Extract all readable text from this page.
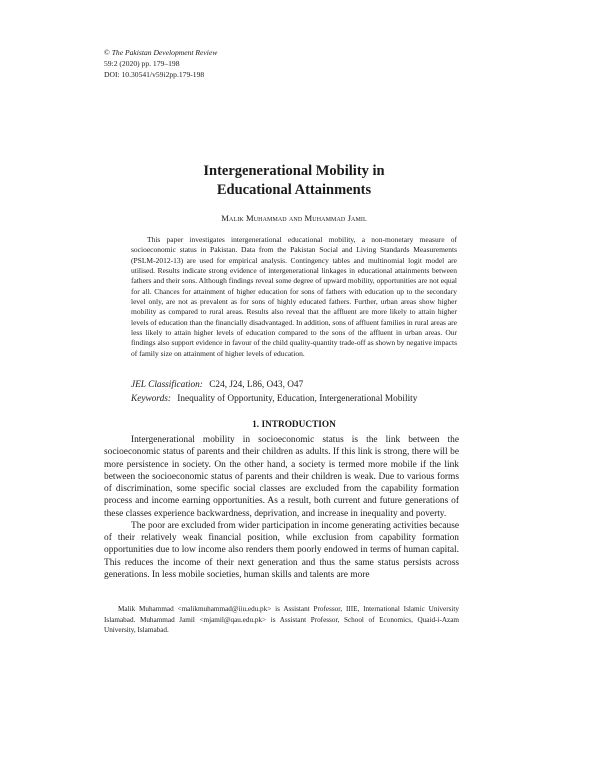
© The Pakistan Development Review
59:2 (2020) pp. 179–198
DOI: 10.30541/v59i2pp.179-198
Intergenerational Mobility in
Educational Attainments
Malik Muhammad and Muhammad Jamil
This paper investigates intergenerational educational mobility, a non-monetary measure of socioeconomic status in Pakistan. Data from the Pakistan Social and Living Standards Measurements (PSLM-2012-13) are used for empirical analysis. Contingency tables and multinomial logit model are utilised. Results indicate strong evidence of intergenerational linkages in educational attainments between fathers and their sons. Although findings reveal some degree of upward mobility, opportunities are not equal for all. Chances for attainment of higher education for sons of fathers with education up to the secondary level only, are not as prevalent as for sons of highly educated fathers. Further, urban areas show higher mobility as compared to rural areas. Results also reveal that the affluent are more likely to attain higher levels of education than the financially disadvantaged. In addition, sons of affluent families in rural areas are less likely to attain higher levels of education compared to the sons of the affluent in urban areas. Our findings also support evidence in favour of the child quality-quantity trade-off as shown by negative impacts of family size on attainment of higher levels of education.
JEL Classification: C24, J24, L86, O43, O47
Keywords: Inequality of Opportunity, Education, Intergenerational Mobility
1. INTRODUCTION

Intergenerational mobility in socioeconomic status is the link between the socioeconomic status of parents and their children as adults. If this link is strong, there will be more persistence in society. On the other hand, a society is termed more mobile if the link between the socioeconomic status of parents and their children is weak. Due to various forms of discrimination, some specific social classes are excluded from the capability formation process and income earning opportunities. As a result, both current and future generations of these classes experience backwardness, deprivation, and increase in inequality and poverty.

The poor are excluded from wider participation in income generating activities because of their relatively weak financial position, while exclusion from capability formation opportunities due to low income also renders them poorly endowed in terms of human capital. This reduces the income of their next generation and thus the same status persists across generations. In less mobile societies, human skills and talents are more

Malik Muhammad <malikmuhammad@iiu.edu.pk> is Assistant Professor, IIIE, International Islamic University Islamabad. Muhammad Jamil <mjamil@qau.edu.pk> is Assistant Professor, School of Economics, Quaid-i-Azam University, Islamabad.
